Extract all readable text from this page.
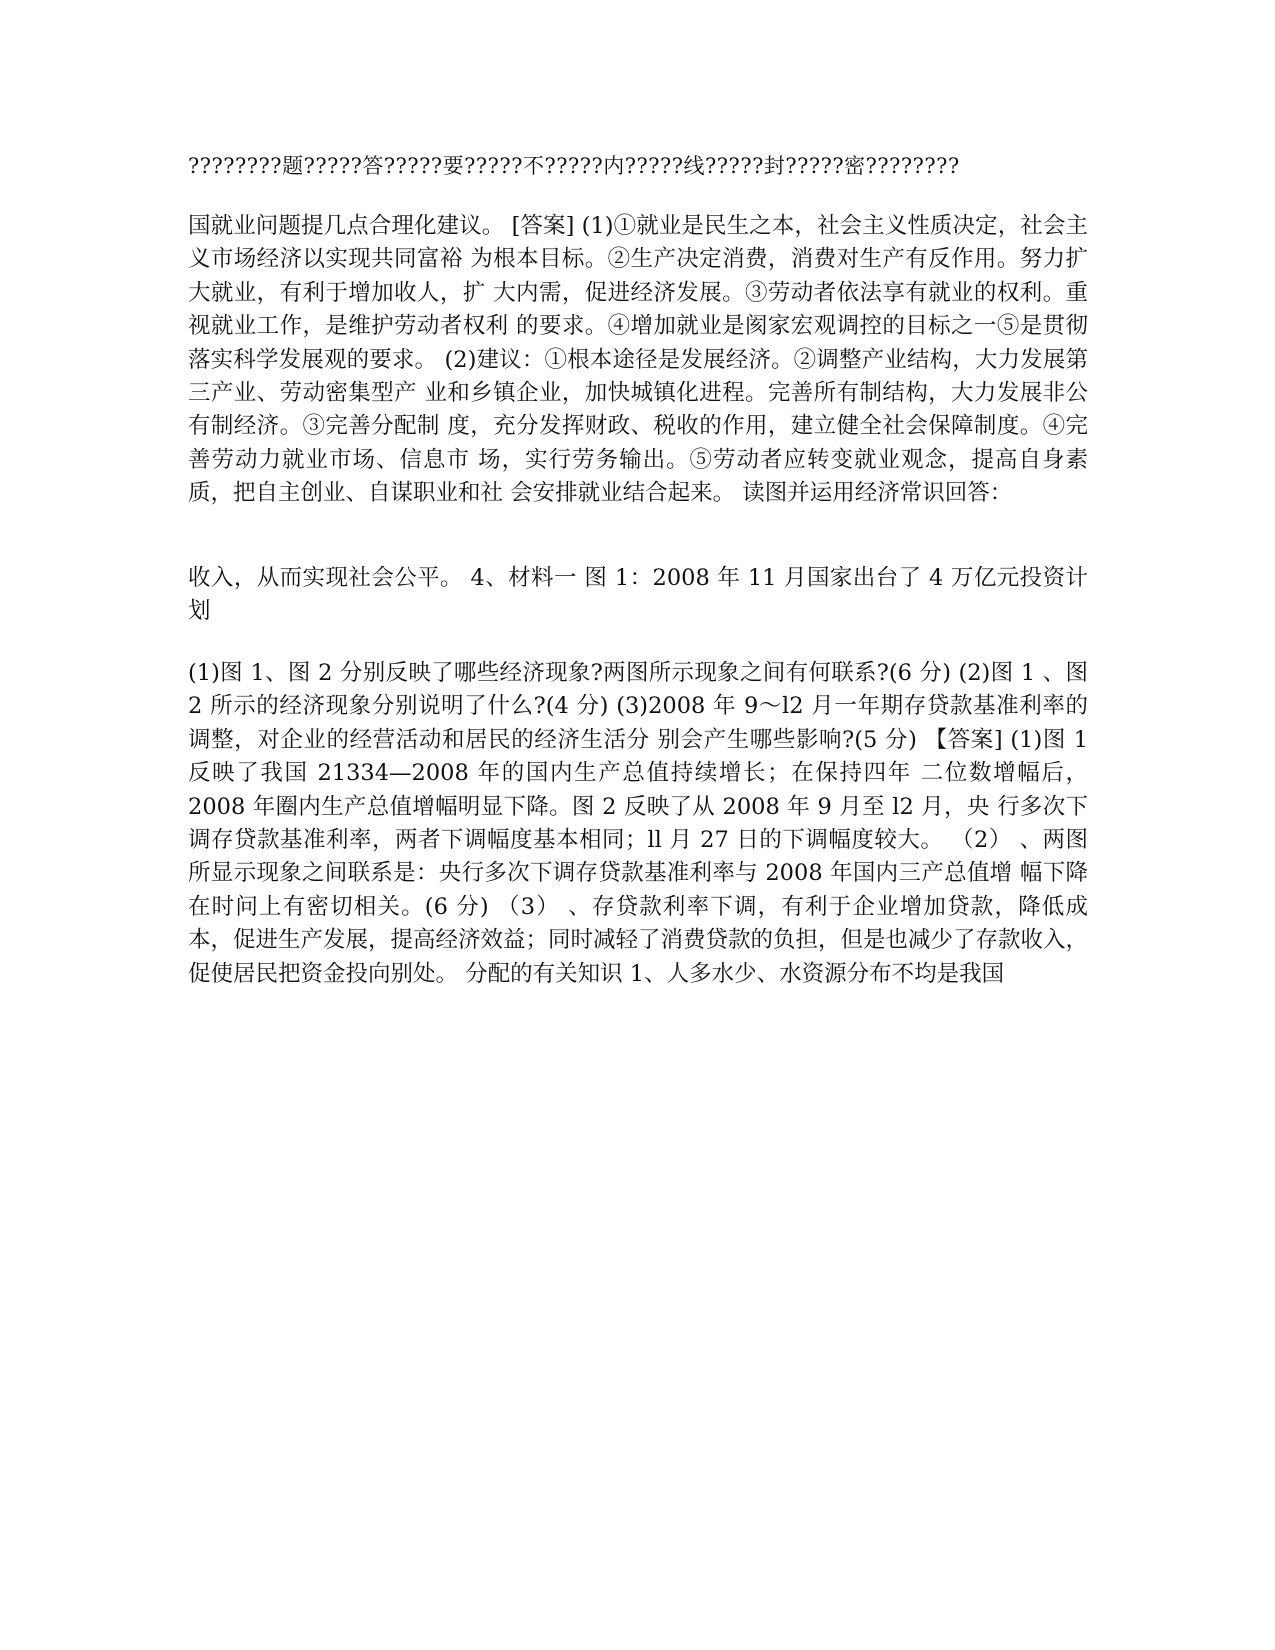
????????题?????答?????要?????不?????内?????线?????封?????密????????

国就业问题提几点合理化建议。 [答案] (1)①就业是民生之本，社会主义性质决定，社会主义市场经济以实现共同富裕 为根本目标。②生产决定消费，消费对生产有反作用。努力扩大就业，有利于增加收人，扩 大内需，促进经济发展。③劳动者依法享有就业的权利。重视就业工作，是维护劳动者权利 的要求。④增加就业是阂家宏观调控的目标之一⑤是贯彻落实科学发展观的要求。 (2)建议：①根本途径是发展经济。②调整产业结构，大力发展第三产业、劳动密集型产 业和乡镇企业，加快城镇化进程。完善所有制结构，大力发展非公有制经济。③完善分配制 度，充分发挥财政、税收的作用，建立健全社会保障制度。④完善劳动力就业市场、信息市 场，实行劳务输出。⑤劳动者应转变就业观念，提高自身素质，把自主创业、自谋职业和社 会安排就业结合起来。 读图并运用经济常识回答：

收入，从而实现社会公平。 4、材料一 图 1：2008 年 11 月国家出台了 4 万亿元投资计划

(1)图 1、图 2 分别反映了哪些经济现象?两图所示现象之间有何联系?(6 分) (2)图 1 、图 2 所示的经济现象分别说明了什么?(4 分) (3)2008 年 9～l2 月一年期存贷款基准利率的调整，对企业的经营活动和居民的经济生活分 别会产生哪些影响?(5 分) 【答案] (1)图 1 反映了我国 21334—2008 年的国内生产总值持续增长；在保持四年 二位数增幅后，2008 年圈内生产总值增幅明显下降。图 2 反映了从 2008 年 9 月至 l2 月，央 行多次下调存贷款基准利率，两者下调幅度基本相同；ll 月 27 日的下调幅度较大。 （2） 、两图所显示现象之间联系是：央行多次下调存贷款基准利率与 2008 年国内三产总值增 幅下降在时问上有密切相关。(6 分) （3） 、存贷款利率下调，有利于企业增加贷款，降低成本，促进生产发展，提高经济效益；同时减轻了消费贷款的负担，但是也减少了存款收入，促使居民把资金投向别处。 分配的有关知识 1、人多水少、水资源分布不均是我国
